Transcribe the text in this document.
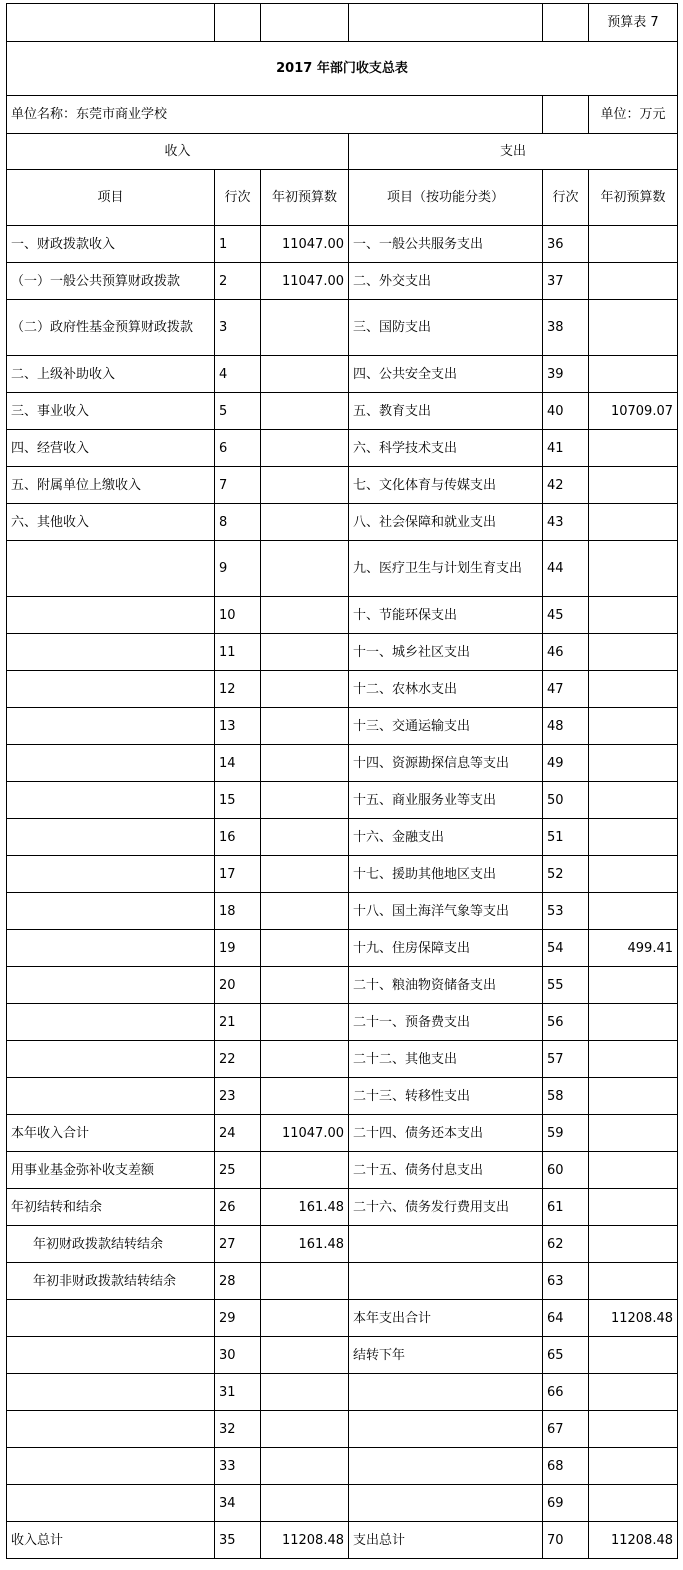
					预算表 7
2017 年部门收支总表					
单位名称：东莞市商业学校					单位：万元
收入			支出		
项目	行次	年初预算数	项目（按功能分类）	行次	年初预算数
一、财政拨款收入	1	11047.00	一、一般公共服务支出	36	
（一）一般公共预算财政拨款	2	11047.00	二、外交支出	37	
（二）政府性基金预算财政拨款	3		三、国防支出	38	
二、上级补助收入	4		四、公共安全支出	39	
三、事业收入	5		五、教育支出	40	10709.07
四、经营收入	6		六、科学技术支出	41	
五、附属单位上缴收入	7		七、文化体育与传媒支出	42	
六、其他收入	8		八、社会保障和就业支出	43	
	9		九、医疗卫生与计划生育支出	44	
	10		十、节能环保支出	45	
	11		十一、城乡社区支出	46	
	12		十二、农林水支出	47	
	13		十三、交通运输支出	48	
	14		十四、资源勘探信息等支出	49	
	15		十五、商业服务业等支出	50	
	16		十六、金融支出	51	
	17		十七、援助其他地区支出	52	
	18		十八、国土海洋气象等支出	53	
	19		十九、住房保障支出	54	499.41
	20		二十、粮油物资储备支出	55	
	21		二十一、预备费支出	56	
	22		二十二、其他支出	57	
	23		二十三、转移性支出	58	
本年收入合计	24	11047.00	二十四、债务还本支出	59	
用事业基金弥补收支差额	25		二十五、债务付息支出	60	
年初结转和结余	26	161.48	二十六、债务发行费用支出	61	
年初财政拨款结转结余	27	161.48		62	
年初非财政拨款结转结余	28			63	
	29		本年支出合计	64	11208.48
	30		结转下年	65	
	31			66	
	32			67	
	33			68	
	34			69	
收入总计	35	11208.48	支出总计	70	11208.48
